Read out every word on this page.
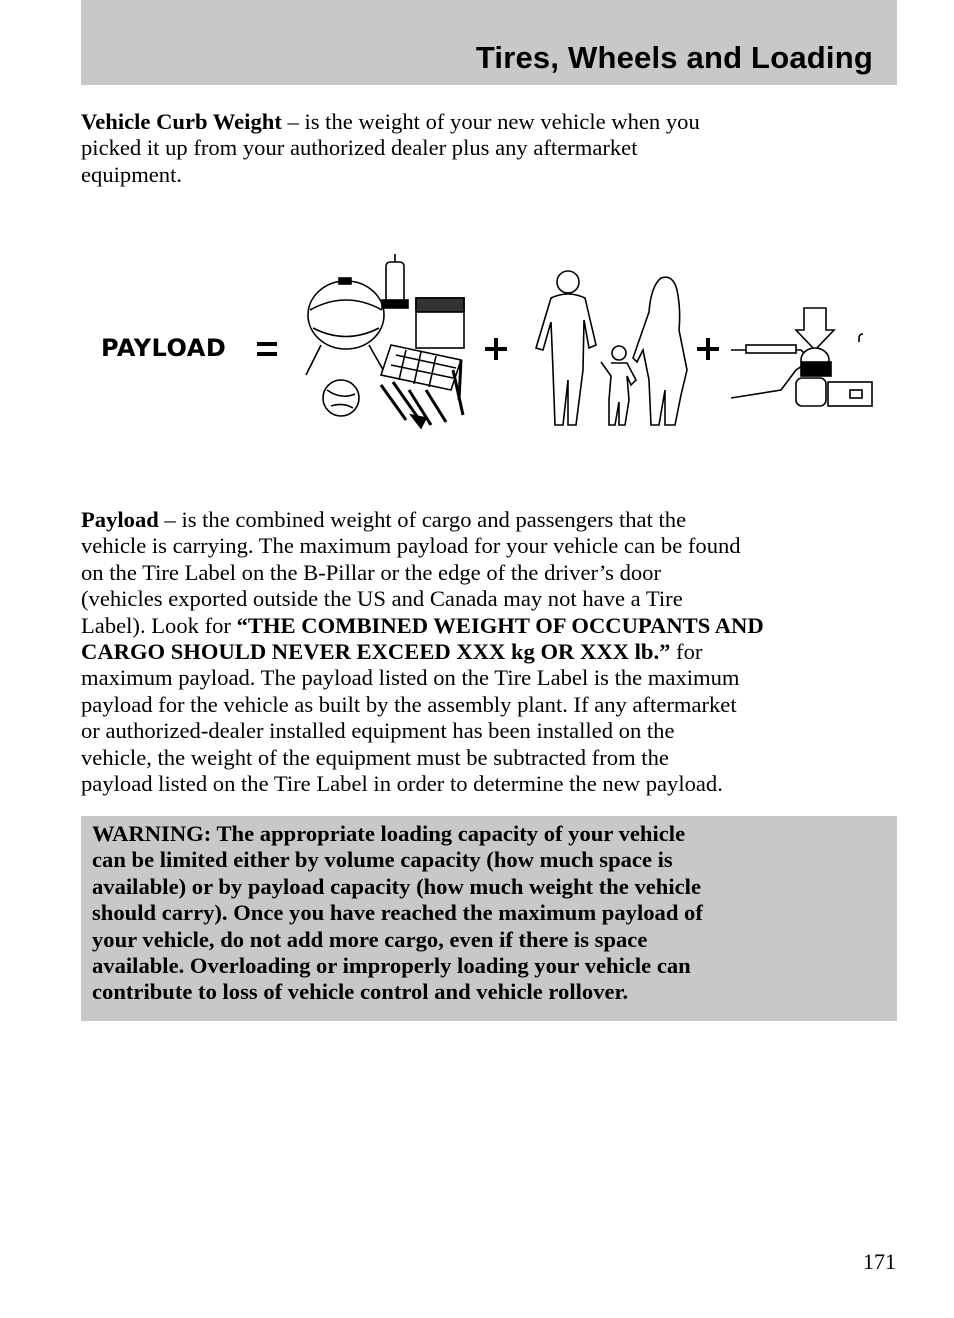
Tires, Wheels and Loading

Vehicle Curb Weight – is the weight of your new vehicle when you
picked it up from your authorized dealer plus any aftermarket
equipment.

PAYLOAD

Payload – is the combined weight of cargo and passengers that the
vehicle is carrying. The maximum payload for your vehicle can be found
on the Tire Label on the B-Pillar or the edge of the driver’s door
(vehicles exported outside the US and Canada may not have a Tire
Label). Look for “THE COMBINED WEIGHT OF OCCUPANTS AND
CARGO SHOULD NEVER EXCEED XXX kg OR XXX lb.” for
maximum payload. The payload listed on the Tire Label is the maximum
payload for the vehicle as built by the assembly plant. If any aftermarket
or authorized-dealer installed equipment has been installed on the
vehicle, the weight of the equipment must be subtracted from the
payload listed on the Tire Label in order to determine the new payload.

WARNING: The appropriate loading capacity of your vehicle
can be limited either by volume capacity (how much space is
available) or by payload capacity (how much weight the vehicle
should carry). Once you have reached the maximum payload of
your vehicle, do not add more cargo, even if there is space
available. Overloading or improperly loading your vehicle can
contribute to loss of vehicle control and vehicle rollover.
171
